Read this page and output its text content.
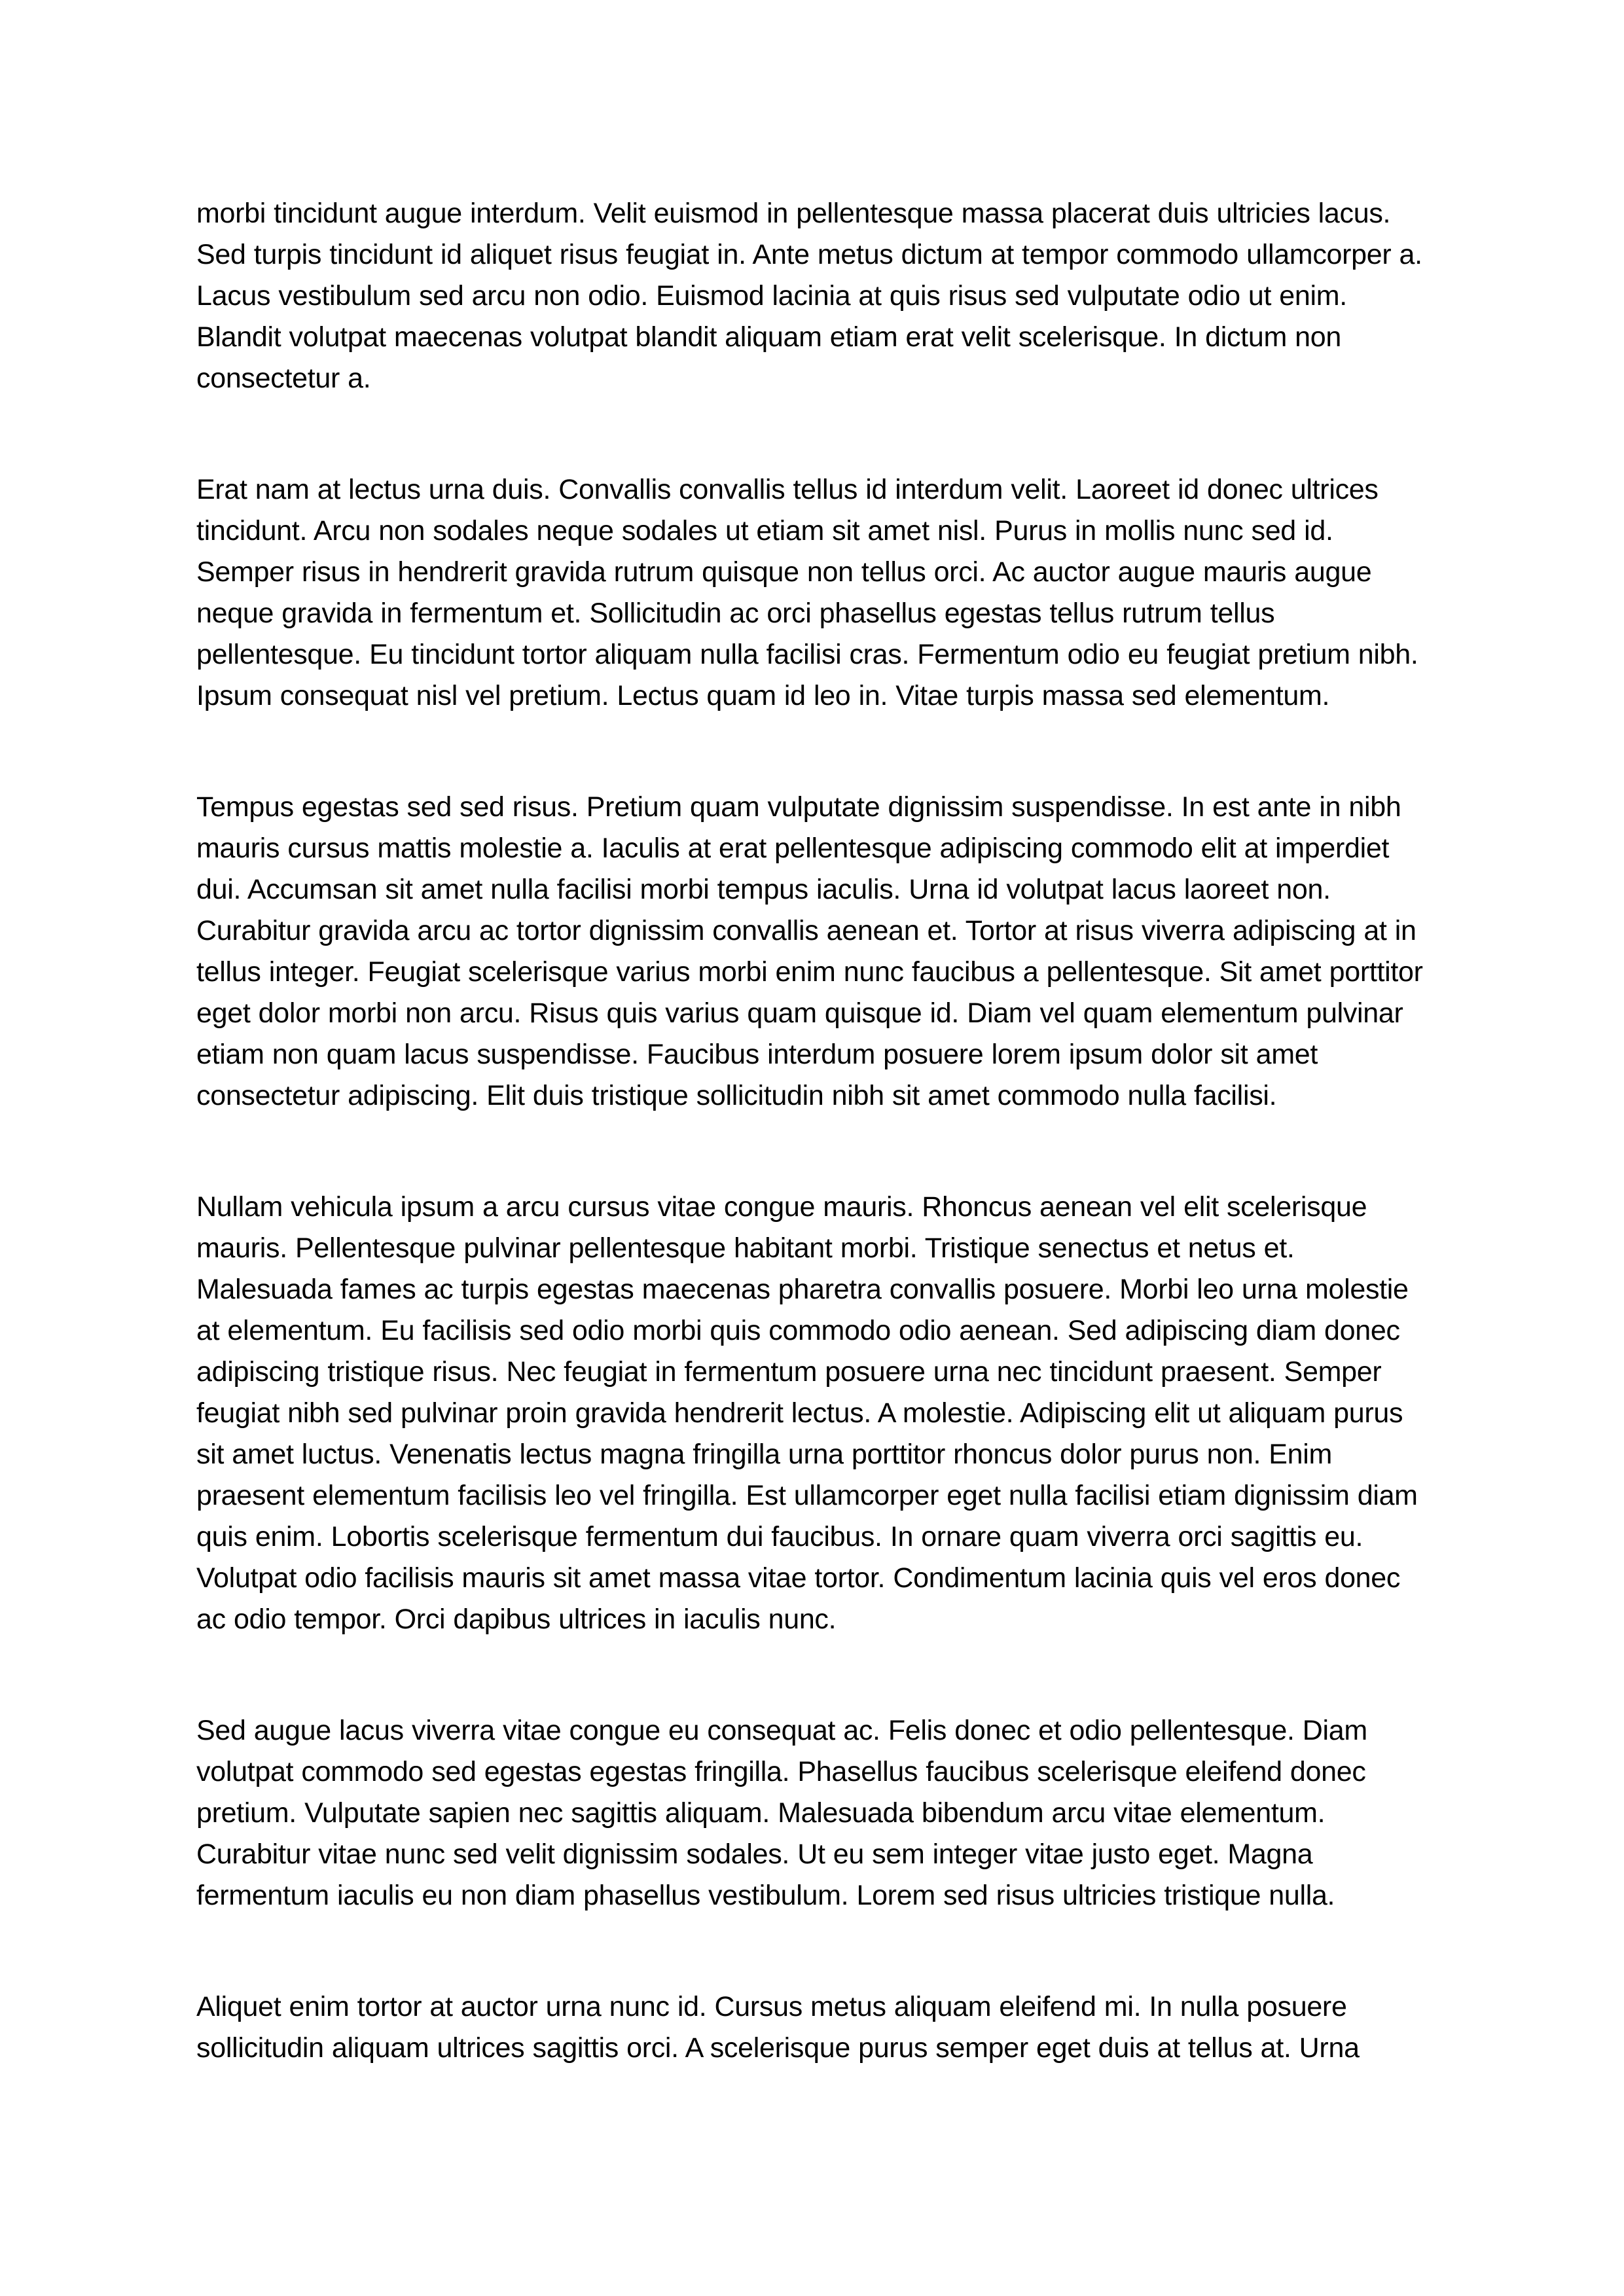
morbi tincidunt augue interdum. Velit euismod in pellentesque massa placerat duis ultricies lacus. Sed turpis tincidunt id aliquet risus feugiat in. Ante metus dictum at tempor commodo ullamcorper a. Lacus vestibulum sed arcu non odio. Euismod lacinia at quis risus sed vulputate odio ut enim. Blandit volutpat maecenas volutpat blandit aliquam etiam erat velit scelerisque. In dictum non consectetur a.

Erat nam at lectus urna duis. Convallis convallis tellus id interdum velit. Laoreet id donec ultrices tincidunt. Arcu non sodales neque sodales ut etiam sit amet nisl. Purus in mollis nunc sed id. Semper risus in hendrerit gravida rutrum quisque non tellus orci. Ac auctor augue mauris augue neque gravida in fermentum et. Sollicitudin ac orci phasellus egestas tellus rutrum tellus pellentesque. Eu tincidunt tortor aliquam nulla facilisi cras. Fermentum odio eu feugiat pretium nibh. Ipsum consequat nisl vel pretium. Lectus quam id leo in. Vitae turpis massa sed elementum.

Tempus egestas sed sed risus. Pretium quam vulputate dignissim suspendisse. In est ante in nibh mauris cursus mattis molestie a. Iaculis at erat pellentesque adipiscing commodo elit at imperdiet dui. Accumsan sit amet nulla facilisi morbi tempus iaculis. Urna id volutpat lacus laoreet non. Curabitur gravida arcu ac tortor dignissim convallis aenean et. Tortor at risus viverra adipiscing at in tellus integer. Feugiat scelerisque varius morbi enim nunc faucibus a pellentesque. Sit amet porttitor eget dolor morbi non arcu. Risus quis varius quam quisque id. Diam vel quam elementum pulvinar etiam non quam lacus suspendisse. Faucibus interdum posuere lorem ipsum dolor sit amet consectetur adipiscing. Elit duis tristique sollicitudin nibh sit amet commodo nulla facilisi.

Nullam vehicula ipsum a arcu cursus vitae congue mauris. Rhoncus aenean vel elit scelerisque mauris. Pellentesque pulvinar pellentesque habitant morbi. Tristique senectus et netus et. Malesuada fames ac turpis egestas maecenas pharetra convallis posuere. Morbi leo urna molestie at elementum. Eu facilisis sed odio morbi quis commodo odio aenean. Sed adipiscing diam donec adipiscing tristique risus. Nec feugiat in fermentum posuere urna nec tincidunt praesent. Semper feugiat nibh sed pulvinar proin gravida hendrerit lectus. A molestie. Adipiscing elit ut aliquam purus sit amet luctus. Venenatis lectus magna fringilla urna porttitor rhoncus dolor purus non. Enim praesent elementum facilisis leo vel fringilla. Est ullamcorper eget nulla facilisi etiam dignissim diam quis enim. Lobortis scelerisque fermentum dui faucibus. In ornare quam viverra orci sagittis eu. Volutpat odio facilisis mauris sit amet massa vitae tortor. Condimentum lacinia quis vel eros donec ac odio tempor. Orci dapibus ultrices in iaculis nunc.

Sed augue lacus viverra vitae congue eu consequat ac. Felis donec et odio pellentesque. Diam volutpat commodo sed egestas egestas fringilla. Phasellus faucibus scelerisque eleifend donec pretium. Vulputate sapien nec sagittis aliquam. Malesuada bibendum arcu vitae elementum. Curabitur vitae nunc sed velit dignissim sodales. Ut eu sem integer vitae justo eget. Magna fermentum iaculis eu non diam phasellus vestibulum. Lorem sed risus ultricies tristique nulla.

Aliquet enim tortor at auctor urna nunc id. Cursus metus aliquam eleifend mi. In nulla posuere sollicitudin aliquam ultrices sagittis orci. A scelerisque purus semper eget duis at tellus at. Urna
